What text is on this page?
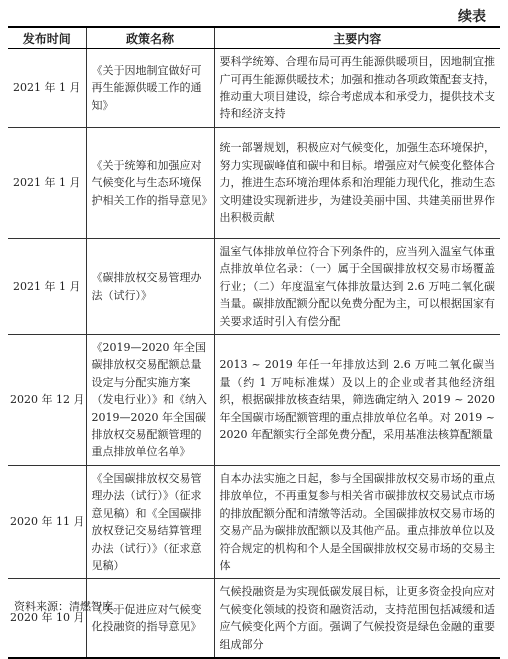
续表
发布时间	政策名称	主要内容
2021 年 1 月	《关于因地制宜做好可再生能源供暖工作的通知》	要科学统筹、合理布局可再生能源供暖项目，因地制宜推广可再生能源供暖技术；加强和推动各项政策配套支持，推动重大项目建设，综合考虑成本和承受力，提供技术支持和经济支持
2021 年 1 月	《关于统筹和加强应对气候变化与生态环境保护相关工作的指导意见》	统一部署规划，积极应对气候变化，加强生态环境保护，努力实现碳峰值和碳中和目标。增强应对气候变化整体合力，推进生态环境治理体系和治理能力现代化，推动生态文明建设实现新进步，为建设美丽中国、共建美丽世界作出积极贡献
2021 年 1 月	《碳排放权交易管理办法（试行）》	温室气体排放单位符合下列条件的，应当列入温室气体重点排放单位名录：（一）属于全国碳排放权交易市场覆盖行业；（二）年度温室气体排放量达到 2.6 万吨二氧化碳当量。碳排放配额分配以免费分配为主，可以根据国家有关要求适时引入有偿分配
2020 年 12 月	《2019—2020 年全国碳排放权交易配额总量设定与分配实施方案（发电行业）》和《纳入 2019—2020 年全国碳排放权交易配额管理的重点排放单位名单》	2013 ~ 2019 年任一年排放达到 2.6 万吨二氧化碳当量（约 1 万吨标准煤）及以上的企业或者其他经济组织，根据碳排放核查结果，筛选确定纳入 2019 ~ 2020 年全国碳市场配额管理的重点排放单位名单。对 2019 ~ 2020 年配额实行全部免费分配，采用基准法核算配额量
2020 年 11 月	《全国碳排放权交易管理办法（试行）》（征求意见稿）和《全国碳排放权登记交易结算管理办法（试行）》（征求意见稿）	自本办法实施之日起，参与全国碳排放权交易市场的重点排放单位，不再重复参与相关省市碳排放权交易试点市场的排放配额分配和清缴等活动。全国碳排放权交易市场的交易产品为碳排放配额以及其他产品。重点排放单位以及符合规定的机构和个人是全国碳排放权交易市场的交易主体
2020 年 10 月	《关于促进应对气候变化投融资的指导意见》	气候投融资是为实现低碳发展目标，让更多资金投向应对气候变化领域的投资和融资活动，支持范围包括减缓和适应气候变化两个方面。强调了气候投资是绿色金融的重要组成部分
资料来源：清燃智库。
